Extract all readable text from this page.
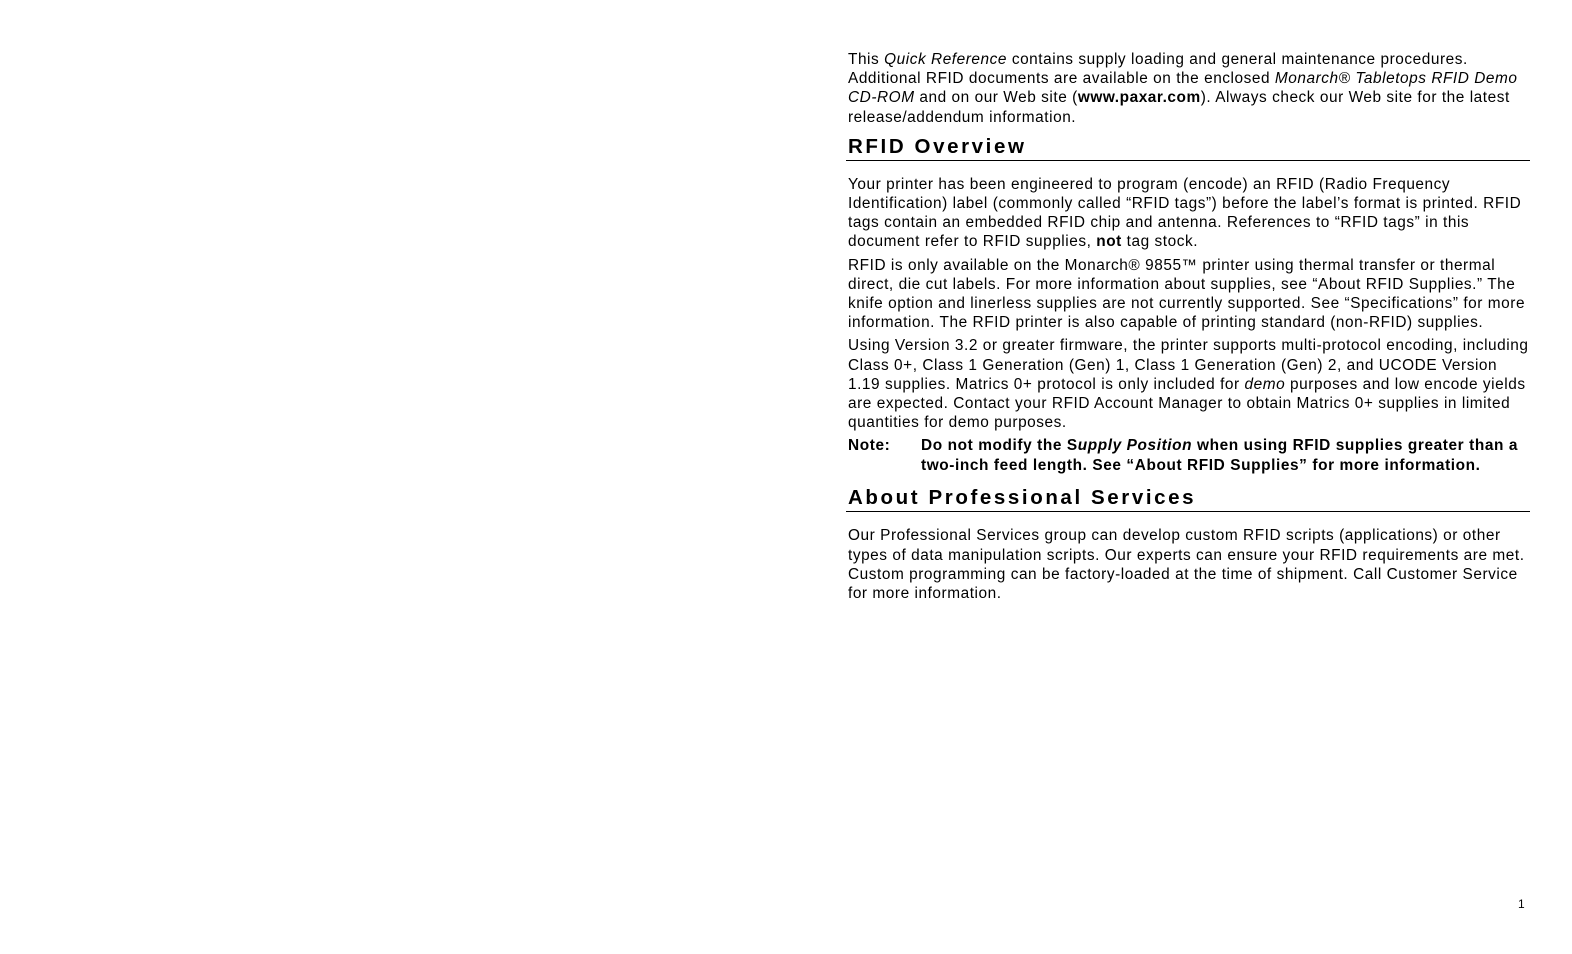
This Quick Reference contains supply loading and general maintenance procedures. Additional RFID documents are available on the enclosed Monarch® Tabletops RFID Demo CD-ROM and on our Web site (www.paxar.com). Always check our Web site for the latest release/addendum information.

RFID Overview

Your printer has been engineered to program (encode) an RFID (Radio Frequency Identification) label (commonly called “RFID tags”) before the label’s format is printed. RFID tags contain an embedded RFID chip and antenna. References to “RFID tags” in this document refer to RFID supplies, not tag stock.

RFID is only available on the Monarch® 9855™ printer using thermal transfer or thermal direct, die cut labels. For more information about supplies, see “About RFID Supplies.” The knife option and linerless supplies are not currently supported. See “Specifications” for more information. The RFID printer is also capable of printing standard (non-RFID) supplies.

Using Version 3.2 or greater firmware, the printer supports multi-protocol encoding, including Class 0+, Class 1 Generation (Gen) 1, Class 1 Generation (Gen) 2, and UCODE Version 1.19 supplies. Matrics 0+ protocol is only included for demo purposes and low encode yields are expected. Contact your RFID Account Manager to obtain Matrics 0+ supplies in limited quantities for demo purposes.

Note:	Do not modify the Supply Position when using RFID supplies greater than a two-inch feed length. See “About RFID Supplies” for more information.
About Professional Services

Our Professional Services group can develop custom RFID scripts (applications) or other types of data manipulation scripts. Our experts can ensure your RFID requirements are met. Custom programming can be factory-loaded at the time of shipment. Call Customer Service for more information.

1
